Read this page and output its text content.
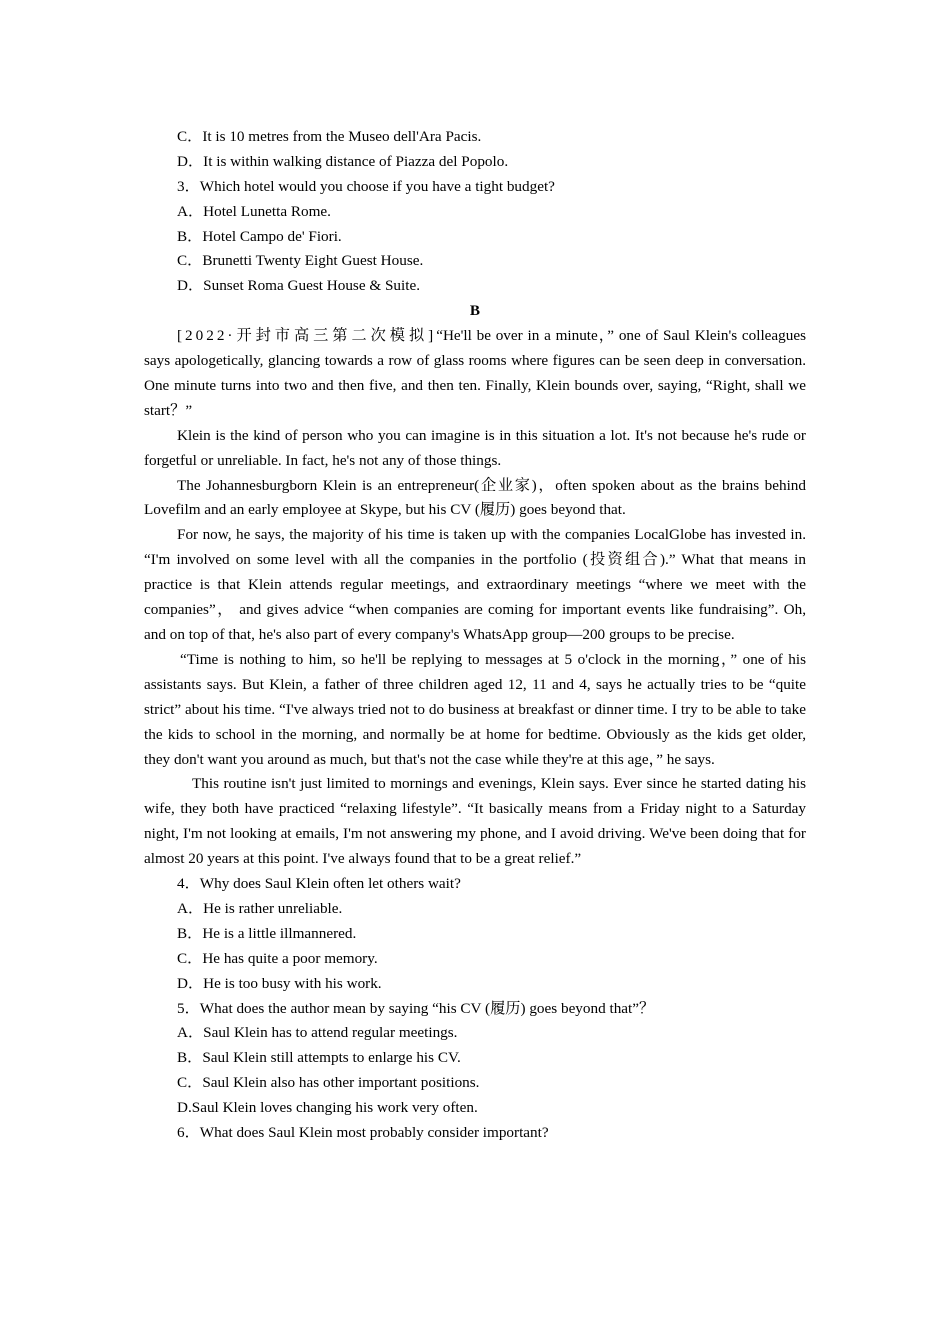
C．It is 10 metres from the Museo dell'Ara Pacis.
D．It is within walking distance of Piazza del Popolo.
3．Which hotel would you choose if you have a tight budget?
A．Hotel Lunetta Rome.
B．Hotel Campo de' Fiori.
C．Brunetti Twenty Eight Guest House.
D．Sunset Roma Guest House & Suite.
B
[2022·开封市高三第二次模拟]“He'll be over in a minute，” one of Saul Klein's colleagues says apologetically, glancing towards a row of glass rooms where figures can be seen deep in conversation. One minute turns into two and then five, and then ten. Finally, Klein bounds over, saying, “Right, shall we start？”
Klein is the kind of person who you can imagine is in this situation a lot. It's not because he's rude or forgetful or unreliable. In fact, he's not any of those things.
The Johannesburgborn Klein is an entrepreneur(企业家)，often spoken about as the brains behind Lovefilm and an early employee at Skype, but his CV (履历) goes beyond that.
For now, he says, the majority of his time is taken up with the companies LocalGlobe has invested in. “I'm involved on some level with all the companies in the portfolio (投资组合).” What that means in practice is that Klein attends regular meetings, and extraordinary meetings “where we meet with the companies”， and gives advice “when companies are coming for important events like fundraising”. Oh, and on top of that, he's also part of every company's WhatsApp group—200 groups to be precise.
“Time is nothing to him, so he'll be replying to messages at 5 o'clock in the morning，” one of his assistants says. But Klein, a father of three children aged 12, 11 and 4, says he actually tries to be “quite strict” about his time. “I've always tried not to do business at breakfast or dinner time. I try to be able to take the kids to school in the morning, and normally be at home for bedtime. Obviously as the kids get older, they don't want you around as much, but that's not the case while they're at this age，” he says.
This routine isn't just limited to mornings and evenings, Klein says. Ever since he started dating his wife, they both have practiced “relaxing lifestyle”. “It basically means from a Friday night to a Saturday night, I'm not looking at emails, I'm not answering my phone, and I avoid driving. We've been doing that for almost 20 years at this point. I've always found that to be a great relief.”
4．Why does Saul Klein often let others wait?
A．He is rather unreliable.
B．He is a little illmannered.
C．He has quite a poor memory.
D．He is too busy with his work.
5．What does the author mean by saying “his CV (履历) goes beyond that”？
A．Saul Klein has to attend regular meetings.
B．Saul Klein still attempts to enlarge his CV.
C．Saul Klein also has other important positions.
D.Saul Klein loves changing his work very often.
6．What does Saul Klein most probably consider important?
